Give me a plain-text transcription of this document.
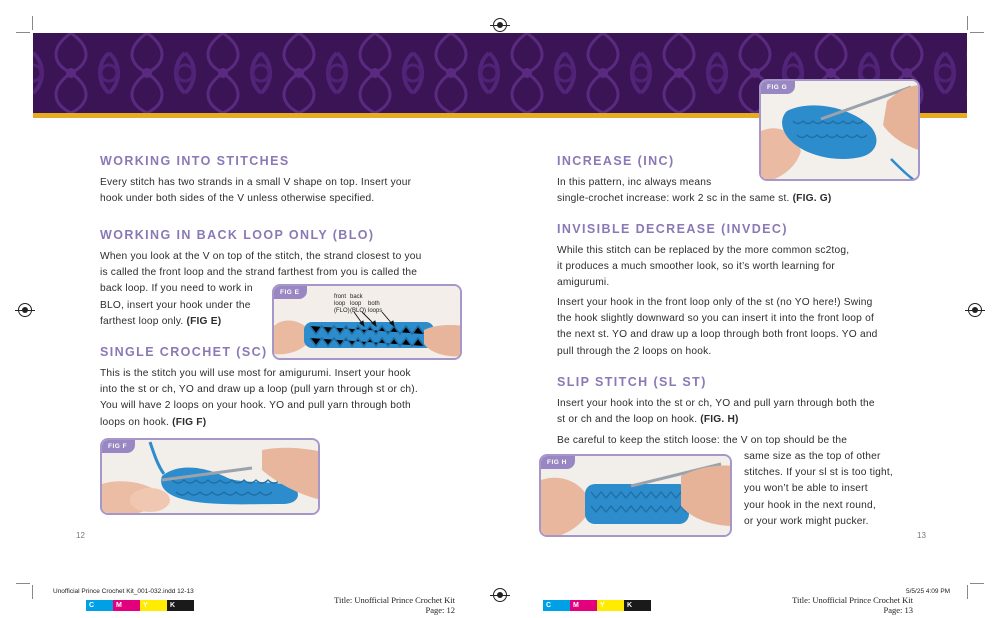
WORKING INTO STITCHES
Every stitch has two strands in a small V shape on top. Insert your
hook under both sides of the V unless otherwise specified.
WORKING IN BACK LOOP ONLY (BLO)
When you look at the V on top of the stitch, the strand closest to you
is called the front loop and the strand farthest from you is called the
back loop. If you need to work in
BLO, insert your hook under the
farthest loop only. (FIG E)
SINGLE CROCHET (SC)
This is the stitch you will use most for amigurumi. Insert your hook
into the st or ch, YO and draw up a loop (pull yarn through st or ch).
You will have 2 loops on your hook. YO and pull yarn through both
loops on hook. (FIG F)
FIG E
front
loop
(FLO)
back
loop
(BLO)
both
loops
FIG F
12
INCREASE (INC)
In this pattern, inc always means
single-crochet increase: work 2 sc in the same st. (FIG. G)
FIG G
INVISIBLE DECREASE (INVDEC)
While this stitch can be replaced by the more common sc2tog,
it produces a much smoother look, so it’s worth learning for
amigurumi.
Insert your hook in the front loop only of the st (no YO here!) Swing
the hook slightly downward so you can insert it into the front loop of
the next st. YO and draw up a loop through both front loops. YO and
pull through the 2 loops on hook.
SLIP STITCH (SL ST)
Insert your hook into the st or ch, YO and pull yarn through both the
st or ch and the loop on hook. (FIG. H)
Be careful to keep the stitch loose: the V on top should be the
same size as the top of other
stitches. If your sl st is too tight,
you won’t be able to insert
your hook in the next round,
or your work might pucker.
FIG H
13
Unofficial Prince Crochet Kit_001-032.indd 12-13	5/5/25 4:09 PM
C	M	Y	K	C	M	Y	K
Title: Unofficial Prince Crochet Kit
Page: 12
Title: Unofficial Prince Crochet Kit
Page: 13
